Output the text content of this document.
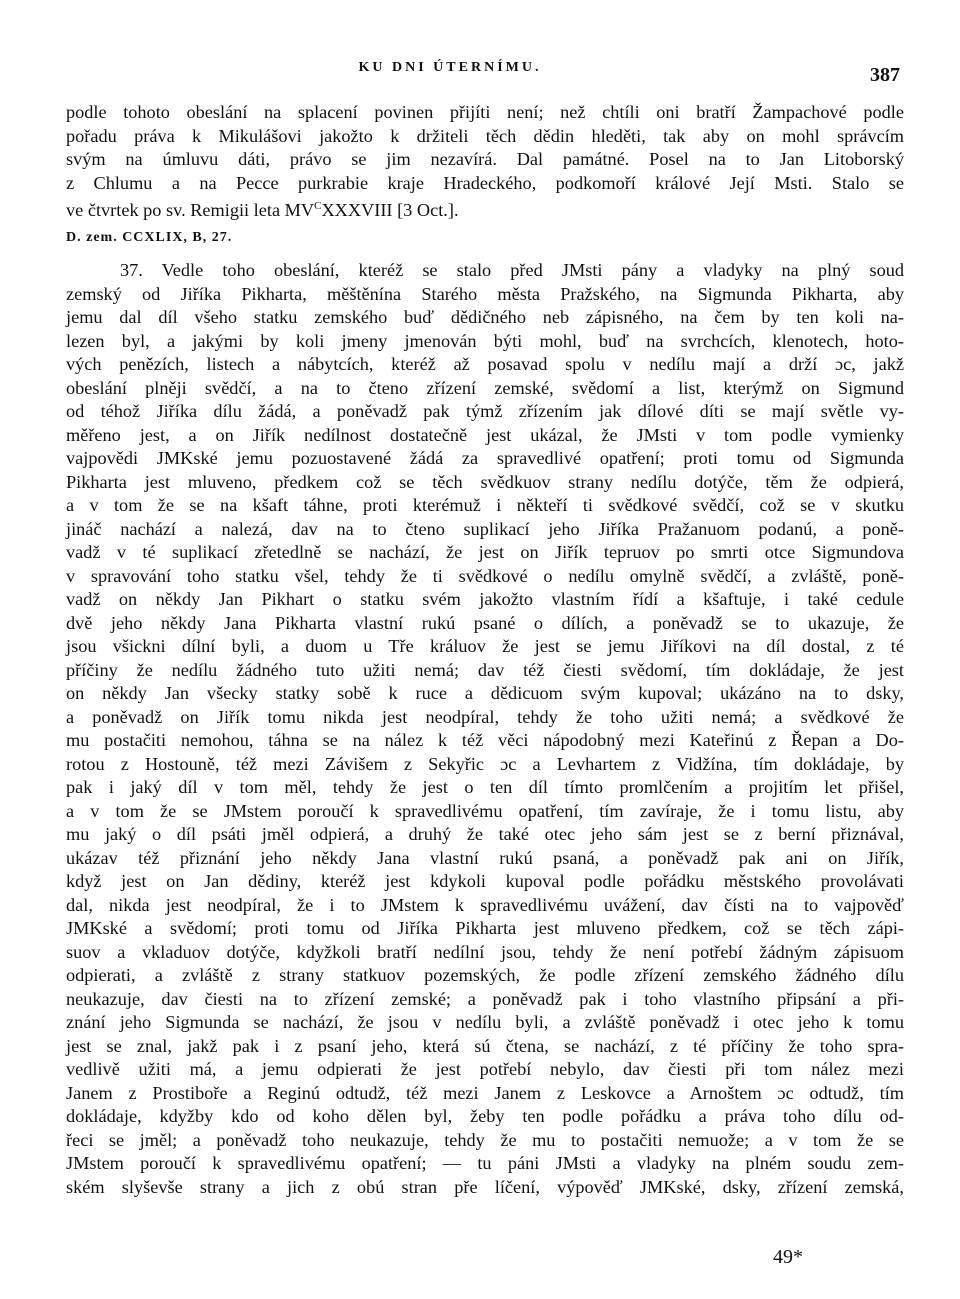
KU DNI ÚTERNÍMU.	387
podle tohoto obeslání na splacení povinen přijíti není; než chtíli oni bratří Žampachové podle
pořadu práva k Mikulášovi jakožto k držiteli těch dědin hleděti, tak aby on mohl správcím
svým na úmluvu dáti, právo se jim nezavírá. Dal památné. Posel na to Jan Litoborský
z Chlumu a na Pecce purkrabie kraje Hradeckého, podkomoří králové Její Msti. Stalo se
ve čtvrtek po sv. Remigii leta $MV^CXXXVIII$ [3 Oct.].
D. zem. CCXLIX, B, 27.
37. Vedle toho obeslání, kteréž se stalo před JMsti pány a vladyky na plný soud
zemský od Jiříka Pikharta, měštěnína Starého města Pražského, na Sigmunda Pikharta, aby
jemu dal díl všeho statku zemského buď dědičného neb zápisného, na čem by ten koli na-
lezen byl, a jakými by koli jmeny jmenován býti mohl, buď na svrchcích, klenotech, hoto-
vých penězích, listech a nábytcích, kteréž až posavad spolu v nedílu mají a drží ɔc, jakž
obeslání plněji svědčí, a na to čteno zřízení zemské, svědomí a list, kterýmž on Sigmund
od téhož Jiříka dílu žádá, a poněvadž pak týmž zřízením jak dílové díti se mají světle vy-
měřeno jest, a on Jiřík nedílnost dostatečně jest ukázal, že JMsti v tom podle vymienky
vajpovědi JMKské jemu pozuostavené žádá za spravedlivé opatření; proti tomu od Sigmunda
Pikharta jest mluveno, předkem což se těch svědkuov strany nedílu dotýče, těm že odpierá,
a v tom že se na kšaft táhne, proti kterémuž i někteří ti svědkové svědčí, což se v skutku
jináč nachází a nalezá, dav na to čteno suplikací jeho Jiříka Pražanuom podanú, a poně-
vadž v té suplikací zřetedlně se nachází, že jest on Jiřík tepruov po smrti otce Sigmundova
v spravování toho statku všel, tehdy že ti svědkové o nedílu omylně svědčí, a zvláště, poně-
vadž on někdy Jan Pikhart o statku svém jakožto vlastním řídí a kšaftuje, i také cedule
dvě jeho někdy Jana Pikharta vlastní rukú psané o dílích, a poněvadž se to ukazuje, že
jsou všickni dílní byli, a duom u Tře králuov že jest se jemu Jiříkovi na díl dostal, z té
příčiny že nedílu žádného tuto užiti nemá; dav též čiesti svědomí, tím dokládaje, že jest
on někdy Jan všecky statky sobě k ruce a dědicuom svým kupoval; ukázáno na to dsky,
a poněvadž on Jiřík tomu nikda jest neodpíral, tehdy že toho užiti nemá; a svědkové že
mu postačiti nemohou, táhna se na nález k též věci nápodobný mezi Kateřinú z Řepan a Do-
rotou z Hostouně, též mezi Závišem z Sekyřic ɔc a Levhartem z Vidžína, tím dokládaje, by
pak i jaký díl v tom měl, tehdy že jest o ten díl tímto promlčením a projitím let přišel,
a v tom že se JMstem poroučí k spravedlivému opatření, tím zavíraje, že i tomu listu, aby
mu jaký o díl psáti jměl odpierá, a druhý že také otec jeho sám jest se z berní přiznával,
ukázav též přiznání jeho někdy Jana vlastní rukú psaná, a poněvadž pak ani on Jiřík,
když jest on Jan dědiny, kteréž jest kdykoli kupoval podle pořádku městského provolávati
dal, nikda jest neodpíral, že i to JMstem k spravedlivému uvážení, dav čísti na to vajpověď
JMKské a svědomí; proti tomu od Jiříka Pikharta jest mluveno předkem, což se těch zápi-
suov a vkladuov dotýče, kdyžkoli bratří nedílní jsou, tehdy že není potřebí žádným zápisuom
odpierati, a zvláště z strany statkuov pozemských, že podle zřízení zemského žádného dílu
neukazuje, dav čiesti na to zřízení zemské; a poněvadž pak i toho vlastního připsání a při-
znání jeho Sigmunda se nachází, že jsou v nedílu byli, a zvláště poněvadž i otec jeho k tomu
jest se znal, jakž pak i z psaní jeho, která sú čtena, se nachází, z té příčiny že toho spra-
vedlivě užiti má, a jemu odpierati že jest potřebí nebylo, dav čiesti při tom nález mezi
Janem z Prostiboře a Reginú odtudž, též mezi Janem z Leskovce a Arnoštem ɔc odtudž, tím
dokládaje, kdyžby kdo od koho dělen byl, žeby ten podle pořádku a práva toho dílu od-
řeci se jměl; a poněvadž toho neukazuje, tehdy že mu to postačiti nemuože; a v tom že se
JMstem poroučí k spravedlivému opatření; — tu páni JMsti a vladyky na plném soudu zem-
ském slyševše strany a jich z obú stran pře líčení, výpověď JMKské, dsky, zřízení zemská,
49*
